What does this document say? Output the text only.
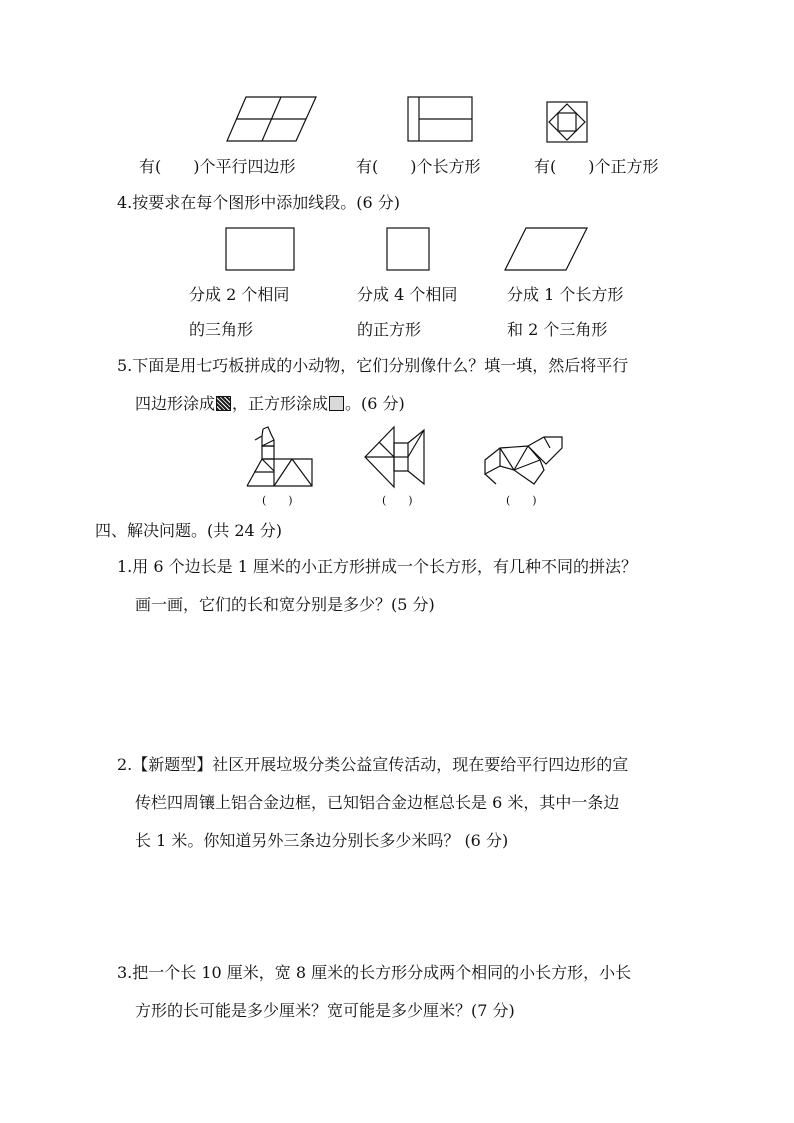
有(　　)个平行四边形	有(　　)个长方形	有(　　)个正方形
4.按要求在每个图形中添加线段。(6 分)
分成 2 个相同
的三角形
分成 4 个相同
的正方形
分成 1 个长方形
和 2 个三角形
5.下面是用七巧板拼成的小动物，它们分别像什么？填一填，然后将平行
四边形涂成 ，正方形涂成 。(6 分)
(　　)	(　　)	(　　)
四、解决问题。(共 24 分)
1.用 6 个边长是 1 厘米的小正方形拼成一个长方形，有几种不同的拼法？
画一画，它们的长和宽分别是多少？(5 分)
2.【新题型】社区开展垃圾分类公益宣传活动，现在要给平行四边形的宣
传栏四周镶上铝合金边框，已知铝合金边框总长是 6 米，其中一条边
长 1 米。你知道另外三条边分别长多少米吗？ (6 分)
3.把一个长 10 厘米，宽 8 厘米的长方形分成两个相同的小长方形，小长
方形的长可能是多少厘米？宽可能是多少厘米？(7 分)
